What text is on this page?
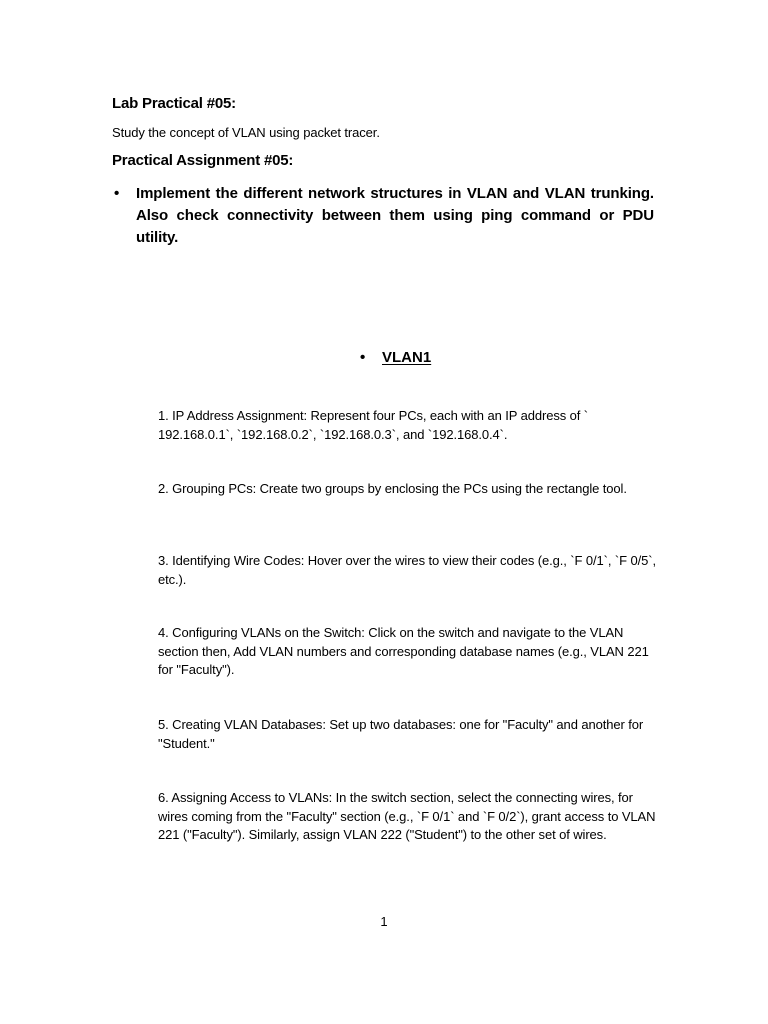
Lab Practical #05:
Study the concept of VLAN using packet tracer.
Practical Assignment #05:
• Implement the different network structures in VLAN and VLAN trunking. Also check connectivity between them using ping command or PDU utility.
• VLAN1
1. IP Address Assignment: Represent four PCs, each with an IP address of ` 192.168.0.1`, `192.168.0.2`, `192.168.0.3`, and `192.168.0.4`.
2. Grouping PCs: Create two groups by enclosing the PCs using the rectangle tool.
3. Identifying Wire Codes: Hover over the wires to view their codes (e.g., `F 0/1`, `F 0/5`, etc.).
4. Configuring VLANs on the Switch: Click on the switch and navigate to the VLAN section then, Add VLAN numbers and corresponding database names (e.g., VLAN 221 for "Faculty").
5. Creating VLAN Databases: Set up two databases: one for "Faculty" and another for "Student."
6. Assigning Access to VLANs: In the switch section, select the connecting wires, for wires coming from the "Faculty" section (e.g., `F 0/1` and `F 0/2`), grant access to VLAN 221 ("Faculty"). Similarly, assign VLAN 222 ("Student") to the other set of wires.
1
